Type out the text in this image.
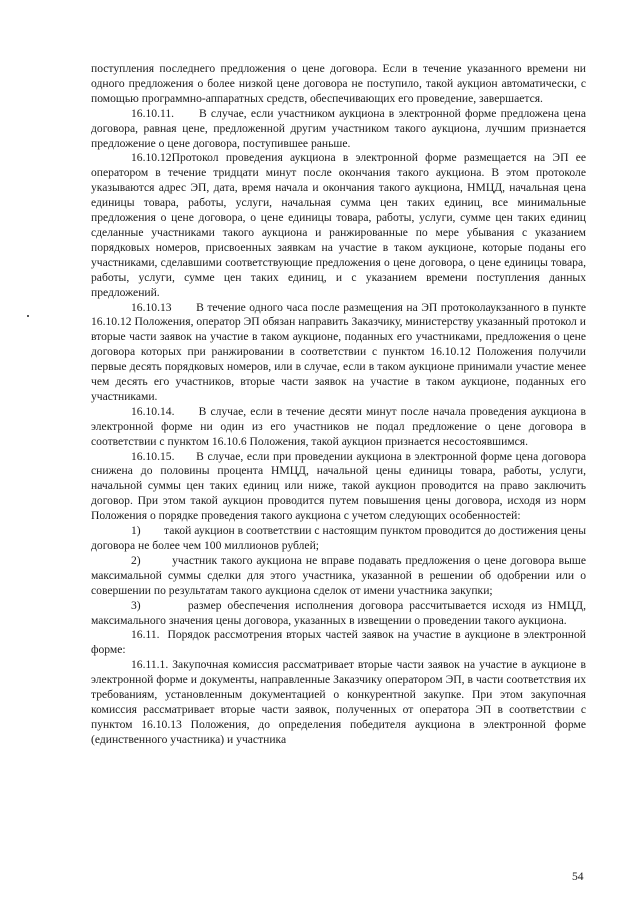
поступления последнего предложения о цене договора. Если в течение указанного времени ни одного предложения о более низкой цене договора не поступило, такой аукцион автоматически, с помощью программно-аппаратных средств, обеспечивающих его проведение, завершается.

16.10.11.      В случае, если участником аукциона в электронной форме предложена цена договора, равная цене, предложенной другим участником такого аукциона, лучшим признается предложение о цене договора, поступившее раньше.

16.10.12Протокол проведения аукциона в электронной форме размещается на ЭП ее оператором в течение тридцати минут после окончания такого аукциона. В этом протоколе указываются адрес ЭП, дата, время начала и окончания такого аукциона, НМЦД, начальная цена единицы товара, работы, услуги, начальная сумма цен таких единиц, все минимальные предложения о цене договора, о цене единицы товара, работы, услуги, сумме цен таких единиц сделанные участниками такого аукциона и ранжированные по мере убывания с указанием порядковых номеров, присвоенных заявкам на участие в таком аукционе, которые поданы его участниками, сделавшими соответствующие предложения о цене договора, о цене единицы товара, работы, услуги, сумме цен таких единиц, и с указанием времени поступления данных предложений.

16.10.13       В течение одного часа после размещения на ЭП протоколаукзанного в пункте 16.10.12 Положения, оператор ЭП обязан направить Заказчику, министерству указанный протокол и вторые части заявок на участие в таком аукционе, поданных его участниками, предложения о цене договора которых при ранжировании в соответствии с пунктом 16.10.12 Положения получили первые десять порядковых номеров, или в случае, если в таком аукционе принимали участие менее чем десять его участников, вторые части заявок на участие в таком аукционе, поданных его участниками.

16.10.14.      В случае, если в течение десяти минут после начала проведения аукциона в электронной форме ни один из его участников не подал предложение о цене договора в соответствии с пунктом 16.10.6 Положения, такой аукцион признается несостоявшимся.

16.10.15.      В случае, если при проведении аукциона в электронной форме цена договора снижена до половины процента НМЦД, начальной цены единицы товара, работы, услуги, начальной суммы цен таких единиц или ниже, такой аукцион проводится на право заключить договор. При этом такой аукцион проводится путем повышения цены договора, исходя из норм Положения о порядке проведения такого аукциона с учетом следующих особенностей:

1)        такой аукцион в соответствии с настоящим пунктом проводится до достижения цены договора не более чем 100 миллионов рублей;

2)        участник такого аукциона не вправе подавать предложения о цене договора выше максимальной суммы сделки для этого участника, указанной в решении об одобрении или о совершении по результатам такого аукциона сделок от имени участника закупки;

3)        размер обеспечения исполнения договора рассчитывается исходя из НМЦД, максимального значения цены договора, указанных в извещении о проведении такого аукциона.

16.11.  Порядок рассмотрения вторых частей заявок на участие в аукционе в электронной форме:

16.11.1. Закупочная комиссия рассматривает вторые части заявок на участие в аукционе в электронной форме и документы, направленные Заказчику оператором ЭП, в части соответствия их требованиям, установленным документацией о конкурентной закупке. При этом закупочная комиссия рассматривает вторые части заявок, полученных от оператора ЭП в соответствии с пунктом 16.10.13 Положения, до определения победителя аукциона в электронной форме (единственного участника) и участника

54
